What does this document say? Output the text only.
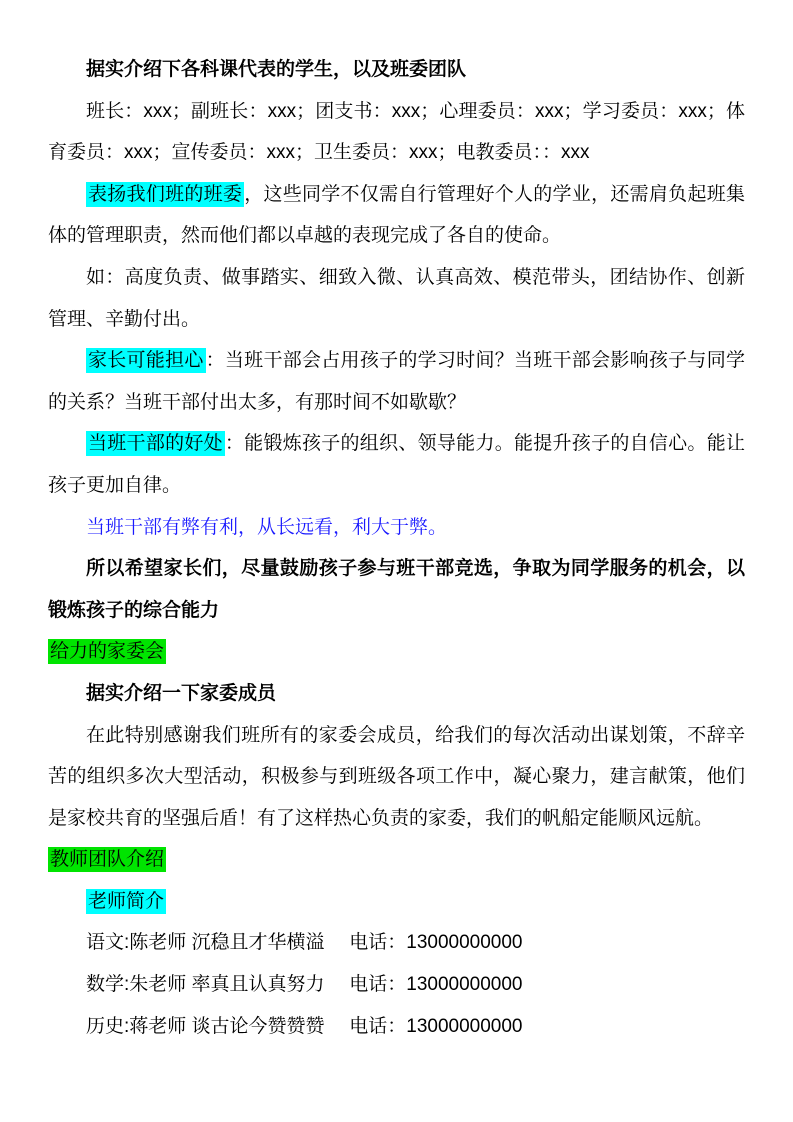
据实介绍下各科课代表的学生，以及班委团队

班长：xxx；副班长：xxx；团支书：xxx；心理委员：xxx；学习委员：xxx；体育委员：xxx；宣传委员：xxx；卫生委员：xxx；电教委员：：xxx

表扬我们班的班委 ，这些同学不仅需自行管理好个人的学业，还需肩负起班集体的管理职责，然而他们都以卓越的表现完成了各自的使命。

如：高度负责、做事踏实、细致入微、认真高效、模范带头，团结协作、创新管理、辛勤付出。

家长可能担心 ：当班干部会占用孩子的学习时间？当班干部会影响孩子与同学的关系？当班干部付出太多，有那时间不如歇歇？

当班干部的好处 ：能锻炼孩子的组织、领导能力。能提升孩子的自信心。能让孩子更加自律。

当班干部有弊有利，从长远看，利大于弊。

所以希望家长们，尽量鼓励孩子参与班干部竞选，争取为同学服务的机会，以锻炼孩子的综合能力

给力的家委会

据实介绍一下家委成员

在此特别感谢我们班所有的家委会成员，给我们的每次活动出谋划策，不辞辛苦的组织多次大型活动，积极参与到班级各项工作中，凝心聚力，建言献策，他们是家校共育的坚强后盾！有了这样热心负责的家委，我们的帆船定能顺风远航。

教师团队介绍

老师简介

语文:陈老师 沉稳且才华横溢 电话：13000000000

数学:朱老师 率真且认真努力 电话：13000000000

历史:蒋老师 谈古论今赞赞赞 电话：13000000000
